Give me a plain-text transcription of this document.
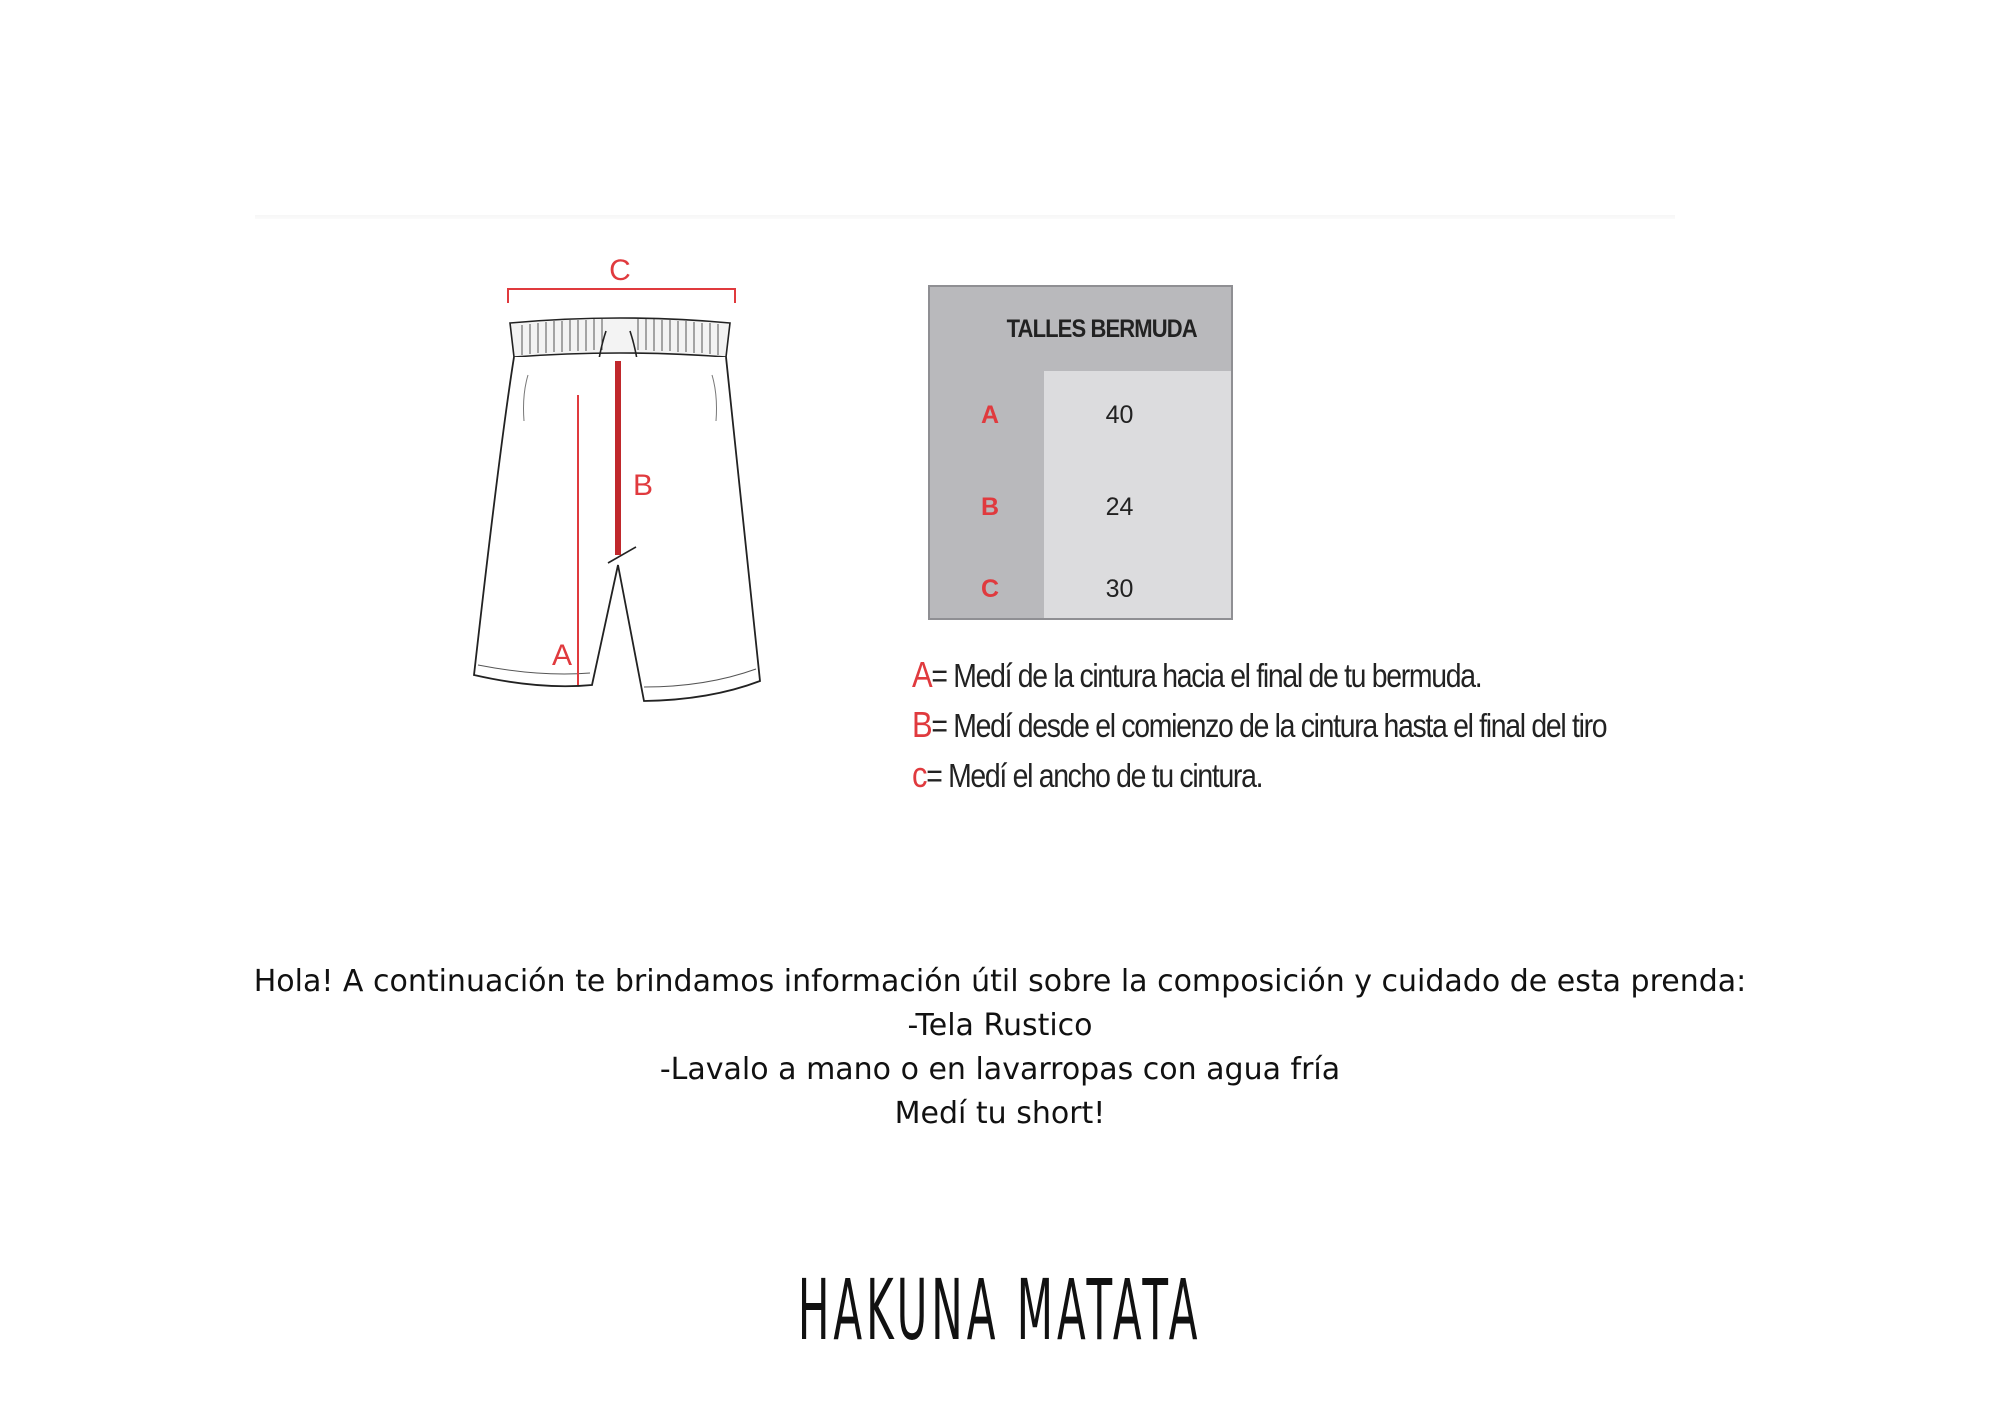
C
A
B
TALLES BERMUDA
A	40
B	24
C	30
A= Medí de la cintura hacia el final de tu bermuda.
B= Medí desde el comienzo de la cintura hasta el final del tiro
c= Medí el ancho de tu cintura.
Hola! A continuación te brindamos información útil sobre la composición y cuidado de esta prenda:
-Tela Rustico
-Lavalo a mano o en lavarropas con agua fría
Medí tu short!
HAKUNA MATATA
